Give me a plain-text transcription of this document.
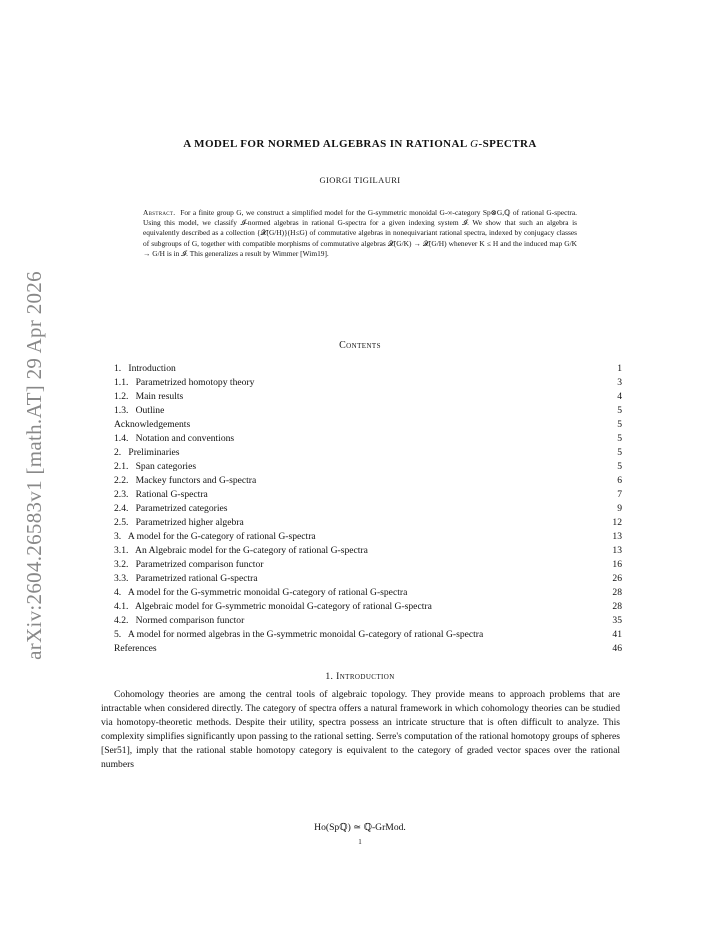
arXiv:2604.26583v1 [math.AT] 29 Apr 2026
A MODEL FOR NORMED ALGEBRAS IN RATIONAL G-SPECTRA
GIORGI TIGILAURI
Abstract. For a finite group G, we construct a simplified model for the G-symmetric monoidal G-∞-category Sp⊗G,ℚ of rational G-spectra. Using this model, we classify 𝓘-normed algebras in rational G-spectra for a given indexing system 𝓘. We show that such an algebra is equivalently described as a collection {𝓧(G/H)}(H≤G) of commutative algebras in nonequivariant rational spectra, indexed by conjugacy classes of subgroups of G, together with compatible morphisms of commutative algebras 𝓧(G/K) → 𝓧(G/H) whenever K ≤ H and the induced map G/K → G/H is in 𝓘. This generalizes a result by Wimmer [Wim19].
Contents
1.   Introduction	1
1.1.   Parametrized homotopy theory	3
1.2.   Main results	4
1.3.   Outline	5
Acknowledgements	5
1.4.   Notation and conventions	5
2.   Preliminaries	5
2.1.   Span categories	5
2.2.   Mackey functors and G-spectra	6
2.3.   Rational G-spectra	7
2.4.   Parametrized categories	9
2.5.   Parametrized higher algebra	12
3.   A model for the G-category of rational G-spectra	13
3.1.   An Algebraic model for the G-category of rational G-spectra	13
3.2.   Parametrized comparison functor	16
3.3.   Parametrized rational G-spectra	26
4.   A model for the G-symmetric monoidal G-category of rational G-spectra	28
4.1.   Algebraic model for G-symmetric monoidal G-category of rational G-spectra	28
4.2.   Normed comparison functor	35
5.   A model for normed algebras in the G-symmetric monoidal G-category of rational G-spectra	41
References	46
1. Introduction
Cohomology theories are among the central tools of algebraic topology. They provide means to approach problems that are intractable when considered directly. The category of spectra offers a natural framework in which cohomology theories can be studied via homotopy-theoretic methods. Despite their utility, spectra possess an intricate structure that is often difficult to analyze. This complexity simplifies significantly upon passing to the rational setting. Serre's computation of the rational homotopy groups of spheres [Ser51], imply that the rational stable homotopy category is equivalent to the category of graded vector spaces over the rational numbers
Ho(Spℚ) ≃ ℚ-GrMod.
1
